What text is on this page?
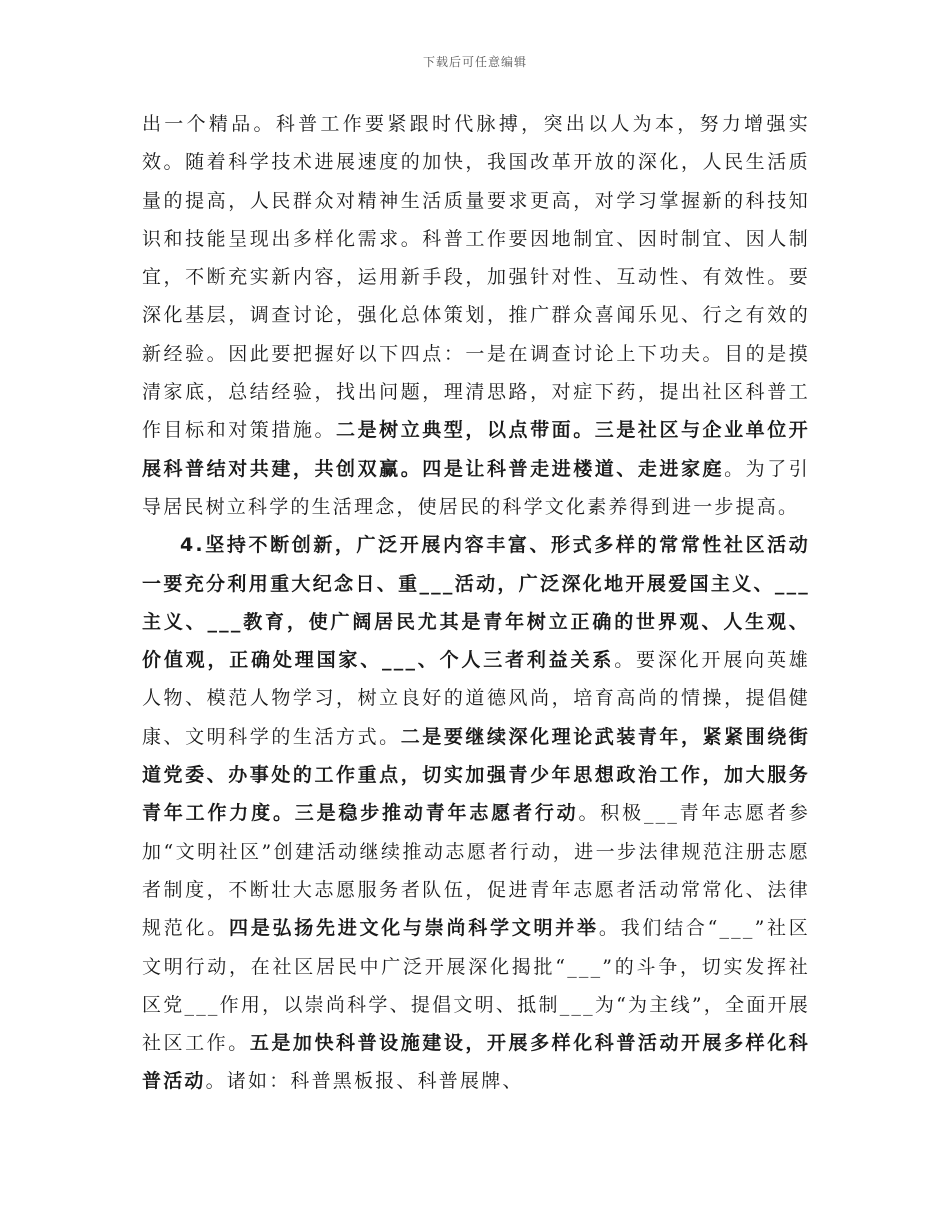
下载后可任意编辑

出一个精品。科普工作要紧跟时代脉搏，突出以人为本，努力增强实效。随着科学技术进展速度的加快，我国改革开放的深化，人民生活质量的提高，人民群众对精神生活质量要求更高，对学习掌握新的科技知识和技能呈现出多样化需求。科普工作要因地制宜、因时制宜、因人制宜，不断充实新内容，运用新手段，加强针对性、互动性、有效性。要深化基层，调查讨论，强化总体策划，推广群众喜闻乐见、行之有效的新经验。因此要把握好以下四点：一是在调查讨论上下功夫。目的是摸清家底，总结经验，找出问题，理清思路，对症下药，提出社区科普工作目标和对策措施。二是树立典型，以点带面。三是社区与企业单位开展科普结对共建，共创双赢。四是让科普走进楼道、走进家庭。为了引导居民树立科学的生活理念，使居民的科学文化素养得到进一步提高。

4.坚持不断创新，广泛开展内容丰富、形式多样的常常性社区活动一要充分利用重大纪念日、重___活动，广泛深化地开展爱国主义、___主义、___教育，使广阔居民尤其是青年树立正确的世界观、人生观、价值观，正确处理国家、___、个人三者利益关系。要深化开展向英雄人物、模范人物学习，树立良好的道德风尚，培育高尚的情操，提倡健康、文明科学的生活方式。二是要继续深化理论武装青年，紧紧围绕街道党委、办事处的工作重点，切实加强青少年思想政治工作，加大服务青年工作力度。三是稳步推动青年志愿者行动。积极___青年志愿者参加“文明社区”创建活动继续推动志愿者行动，进一步法律规范注册志愿者制度，不断壮大志愿服务者队伍，促进青年志愿者活动常常化、法律规范化。四是弘扬先进文化与崇尚科学文明并举。我们结合“___”社区文明行动，在社区居民中广泛开展深化揭批“___”的斗争，切实发挥社区党___作用，以崇尚科学、提倡文明、抵制___为“为主线”，全面开展社区工作。五是加快科普设施建设，开展多样化科普活动开展多样化科普活动。诸如：科普黑板报、科普展牌、
